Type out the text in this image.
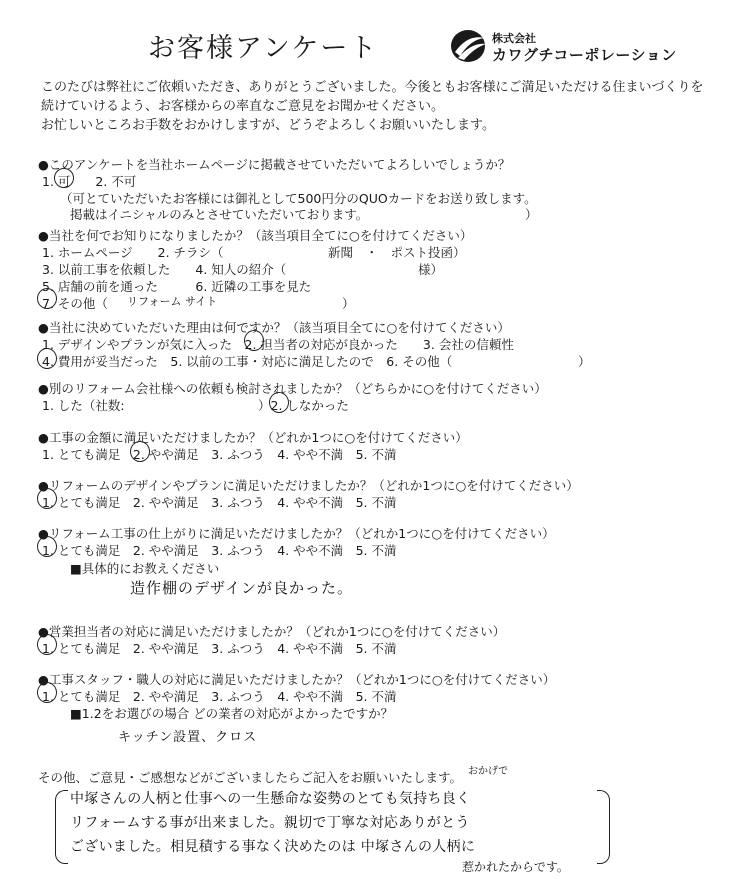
お客様アンケート	株式会社
カワグチコーポレーション
このたびは弊社にご依頼いただき、ありがとうございました。今後ともお客様にご満足いただける住まいづくりを
続けていけるよう、お客様からの率直なご意見をお聞かせください。
お忙しいところお手数をおかけしますが、どうぞよろしくお願いいたします。
●このアンケートを当社ホームページに掲載させていただいてよろしいでしょうか？
1. 可　　2. 不可
（可とていただいたお客様には御礼として500円分のQUOカードをお送り致します。
掲載はイニシャルのみとさせていただいております。	）
●当社を何でお知りになりましたか？（該当項目全てに○を付けてください）
1. ホームページ　　2. チラシ（	新聞　・　ポスト投函）
3. 以前工事を依頼した　　4. 知人の紹介（	様）
5. 店舗の前を通った　　　6. 近隣の工事を見た
7. その他（	）
リフォーム サイト
●当社に決めていただいた理由は何ですか？（該当項目全てに○を付けてください）
1. デザインやプランが気に入った　2. 担当者の対応が良かった　　3. 会社の信頼性
4. 費用が妥当だった　5. 以前の工事・対応に満足したので　6. その他（	）
●別のリフォーム会社様への依頼も検討されましたか？（どちらかに○を付けてください）
1. した（社数:	）2. しなかった
●工事の金額に満足いただけましたか？（どれか1つに○を付けてください）
1. とても満足　2. やや満足　3. ふつう　4. やや不満　5. 不満
●リフォームのデザインやプランに満足いただけましたか？（どれか1つに○を付けてください）
1. とても満足　2. やや満足　3. ふつう　4. やや不満　5. 不満
●リフォーム工事の仕上がりに満足いただけましたか？（どれか1つに○を付けてください）
1. とても満足　2. やや満足　3. ふつう　4. やや不満　5. 不満
■具体的にお教えください
造作棚のデザインが良かった。
●営業担当者の対応に満足いただけましたか？（どれか1つに○を付けてください）
1. とても満足　2. やや満足　3. ふつう　4. やや不満　5. 不満
●工事スタッフ・職人の対応に満足いただけましたか？（どれか1つに○を付けてください）
1. とても満足　2. やや満足　3. ふつう　4. やや不満　5. 不満
■1.2をお選びの場合 どの業者の対応がよかったですか？
キッチン設置、クロス
その他、ご意見・ご感想などがございましたらご記入をお願いいたします。 おかげで
中塚さんの人柄と仕事への一生懸命な姿勢のとても気持ち良く
リフォームする事が出来ました。親切で丁寧な対応ありがとう
ございました。相見積する事なく決めたのは 中塚さんの人柄に
惹かれたからです。
